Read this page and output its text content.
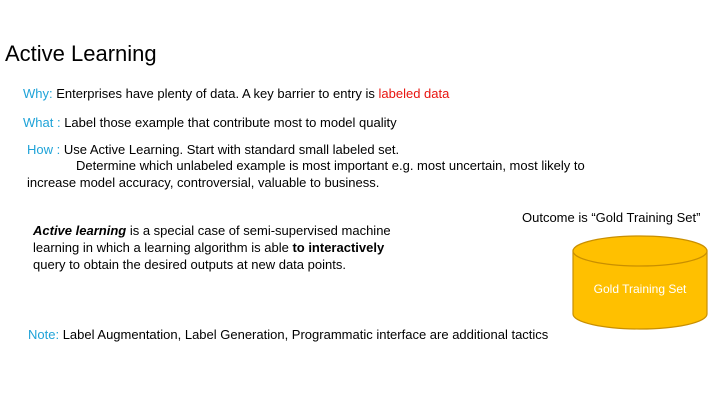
Active Learning
Why: Enterprises have plenty of data. A key barrier to entry is labeled data
What : Label those example that contribute most to model quality
How : Use Active Learning. Start with standard small labeled set.
Determine which unlabeled example is most important e.g. most uncertain, most likely to
increase model accuracy, controversial, valuable to business.
Active learning is a special case of semi-supervised machine learning in which a learning algorithm is able to interactively query to obtain the desired outputs at new data points.
Outcome is “Gold Training Set”
Gold Training Set
Note: Label Augmentation, Label Generation, Programmatic interface are additional tactics
